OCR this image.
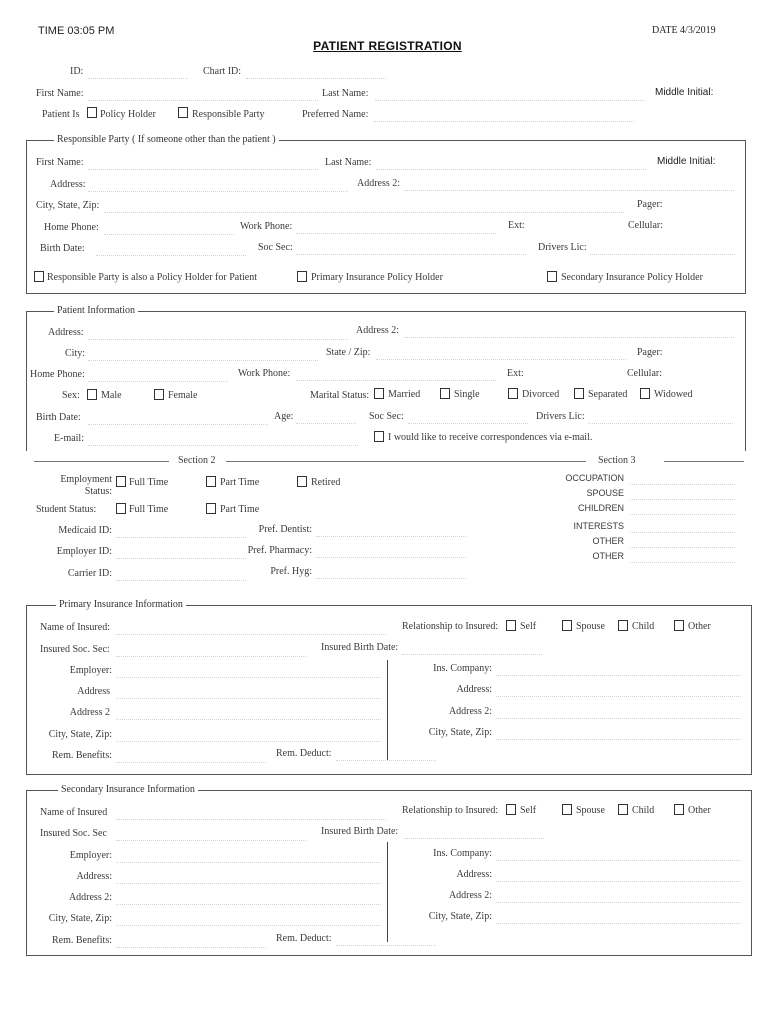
TIME 03:05 PM	DATE 4/3/2019
PATIENT REGISTRATION
ID:	Chart ID:
First Name:	Last Name:	Middle Initial:
Patient Is Policy Holder	Responsible Party	Preferred Name:
Responsible Party ( If someone other than the patient )
First Name:	Last Name:	Middle Initial:
Address:	Address 2:
City, State, Zip:	Pager:
Home Phone:	Work Phone:	Ext:	Cellular:
Birth Date:	Soc Sec:	Drivers Lic:
Responsible Party is also a Policy Holder for Patient	Primary Insurance Policy Holder	Secondary Insurance Policy Holder
Patient Information
Address:	Address 2:
City:	State / Zip:	Pager:
Home Phone:	Work Phone:	Ext:	Cellular:
Sex: Male	Female	Marital Status: Married	Single	Divorced	Separated	Widowed
Birth Date:	Age:	Soc Sec:	Drivers Lic:
E-mail:	I would like to receive correspondences via e-mail.
Section 2	Section 3
Employment
Status:
Full Time	Part Time	Retired
Student Status:	Full Time	Part Time
Medicaid ID:	Pref. Dentist:
Employer ID:	Pref. Pharmacy:
Carrier ID:	Pref. Hyg:
OCCUPATION
SPOUSE
CHILDREN
INTERESTS
OTHER
OTHER
Primary Insurance Information
Name of Insured:	Relationship to Insured: Self	Spouse	Child	Other
Insured Soc. Sec:	Insured Birth Date:
Employer:	Ins. Company:
Address	Address:
Address 2	Address 2:
City, State, Zip:	City, State, Zip:
Rem. Benefits:	Rem. Deduct:
Secondary Insurance Information
Name of Insured	Relationship to Insured: Self	Spouse	Child	Other
Insured Soc. Sec	Insured Birth Date:
Employer:	Ins. Company:
Address:	Address:
Address 2:	Address 2:
City, State, Zip:	City, State, Zip:
Rem. Benefits:	Rem. Deduct:
